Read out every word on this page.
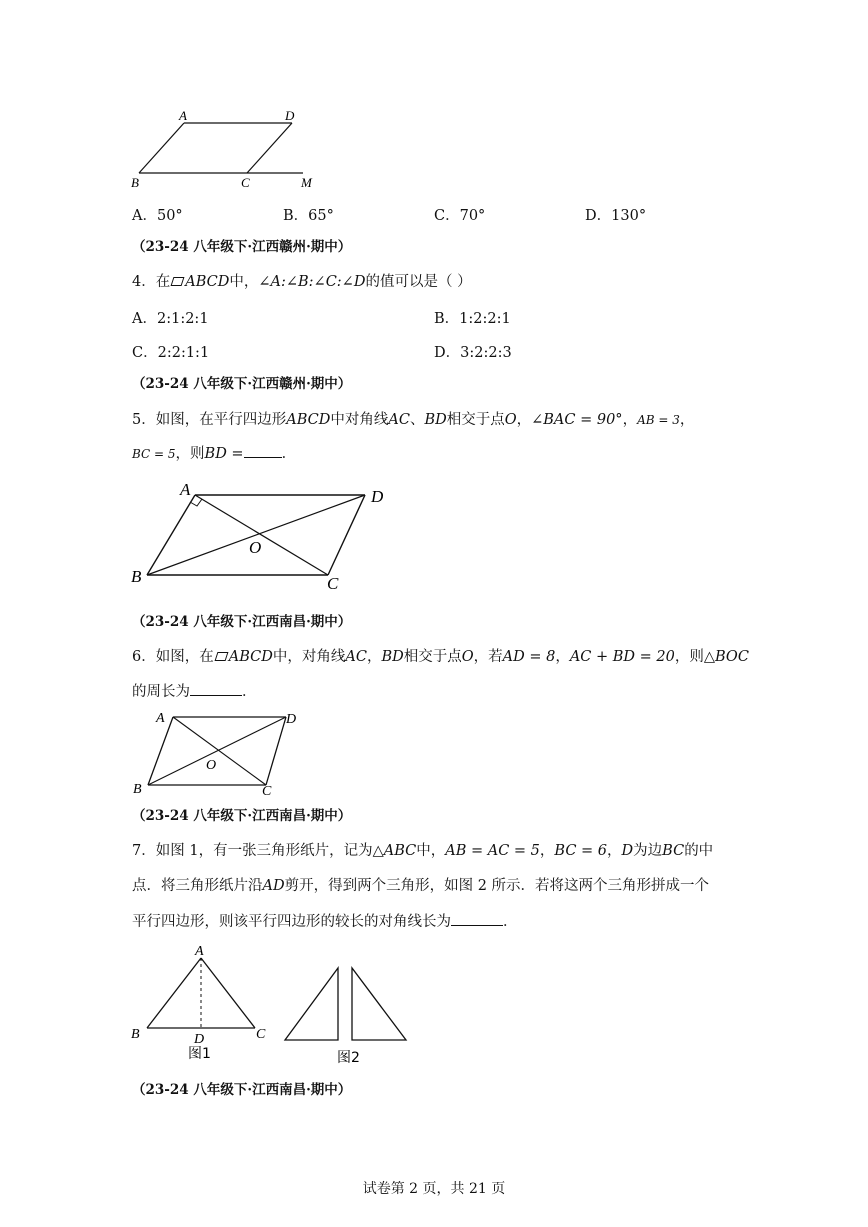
A	D
B	C	M
A．50°	B．65°	C．70°	D．130°
（23-24 八年级下·江西赣州·期中）
4．在 ABCD中，∠A:∠B:∠C:∠D的值可以是（ ）
A．2:1:2:1	B．1:2:2:1
C．2:2:1:1	D．3:2:2:3
（23-24 八年级下·江西赣州·期中）
5．如图，在平行四边形ABCD中对角线AC、BD相交于点O，∠BAC = 90°，AB = 3，
BC = 5，则BD =	．
A	D
O
B	C
（23-24 八年级下·江西南昌·期中）
6．如图，在 ABCD中，对角线AC，BD相交于点O，若AD = 8，AC + BD = 20，则△BOC
的周长为	．
A	D
O
B	C
（23-24 八年级下·江西南昌·期中）
7．如图 1，有一张三角形纸片，记为△ABC中，AB = AC = 5，BC = 6，D为边BC的中
点．将三角形纸片沿AD剪开，得到两个三角形，如图 2 所示．若将这两个三角形拼成一个
平行四边形，则该平行四边形的较长的对角线长为	．
A
B	D	C
图1	图2
（23-24 八年级下·江西南昌·期中）
试卷第 2 页，共 21 页
